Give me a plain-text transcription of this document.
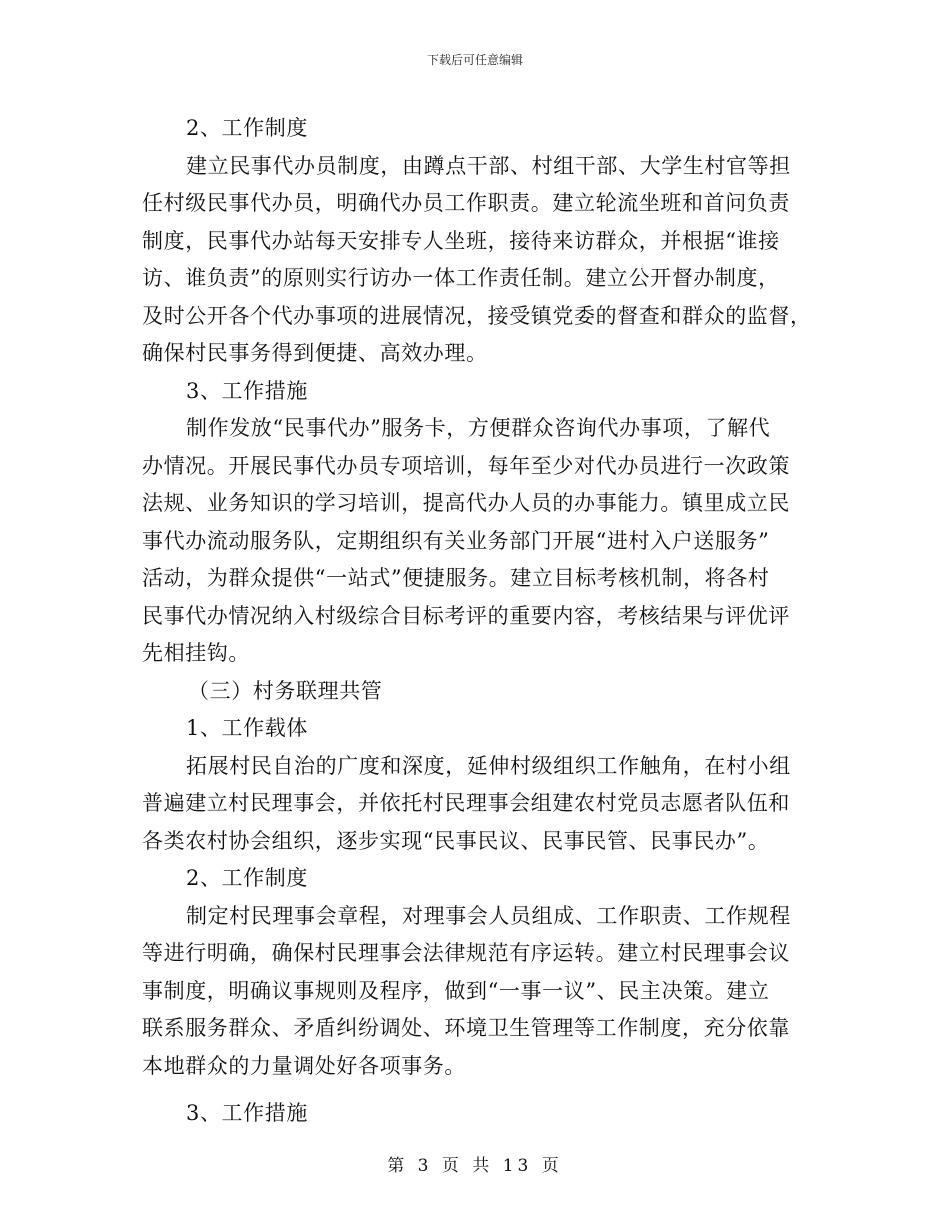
下载后可任意编辑
2、工作制度
建立民事代办员制度，由蹲点干部、村组干部、大学生村官等担
任村级民事代办员，明确代办员工作职责。建立轮流坐班和首问负责
制度，民事代办站每天安排专人坐班，接待来访群众，并根据“谁接
访、谁负责”的原则实行访办一体工作责任制。建立公开督办制度，
及时公开各个代办事项的进展情况，接受镇党委的督查和群众的监督，
确保村民事务得到便捷、高效办理。
3、工作措施
制作发放“民事代办”服务卡，方便群众咨询代办事项，了解代
办情况。开展民事代办员专项培训，每年至少对代办员进行一次政策
法规、业务知识的学习培训，提高代办人员的办事能力。镇里成立民
事代办流动服务队，定期组织有关业务部门开展“进村入户送服务”
活动，为群众提供“一站式”便捷服务。建立目标考核机制，将各村
民事代办情况纳入村级综合目标考评的重要内容，考核结果与评优评
先相挂钩。
（三）村务联理共管
1、工作载体
拓展村民自治的广度和深度，延伸村级组织工作触角，在村小组
普遍建立村民理事会，并依托村民理事会组建农村党员志愿者队伍和
各类农村协会组织，逐步实现“民事民议、民事民管、民事民办”。
2、工作制度
制定村民理事会章程，对理事会人员组成、工作职责、工作规程
等进行明确，确保村民理事会法律规范有序运转。建立村民理事会议
事制度，明确议事规则及程序，做到“一事一议”、民主决策。建立
联系服务群众、矛盾纠纷调处、环境卫生管理等工作制度，充分依靠
本地群众的力量调处好各项事务。
3、工作措施
第 3 页 共 13 页
